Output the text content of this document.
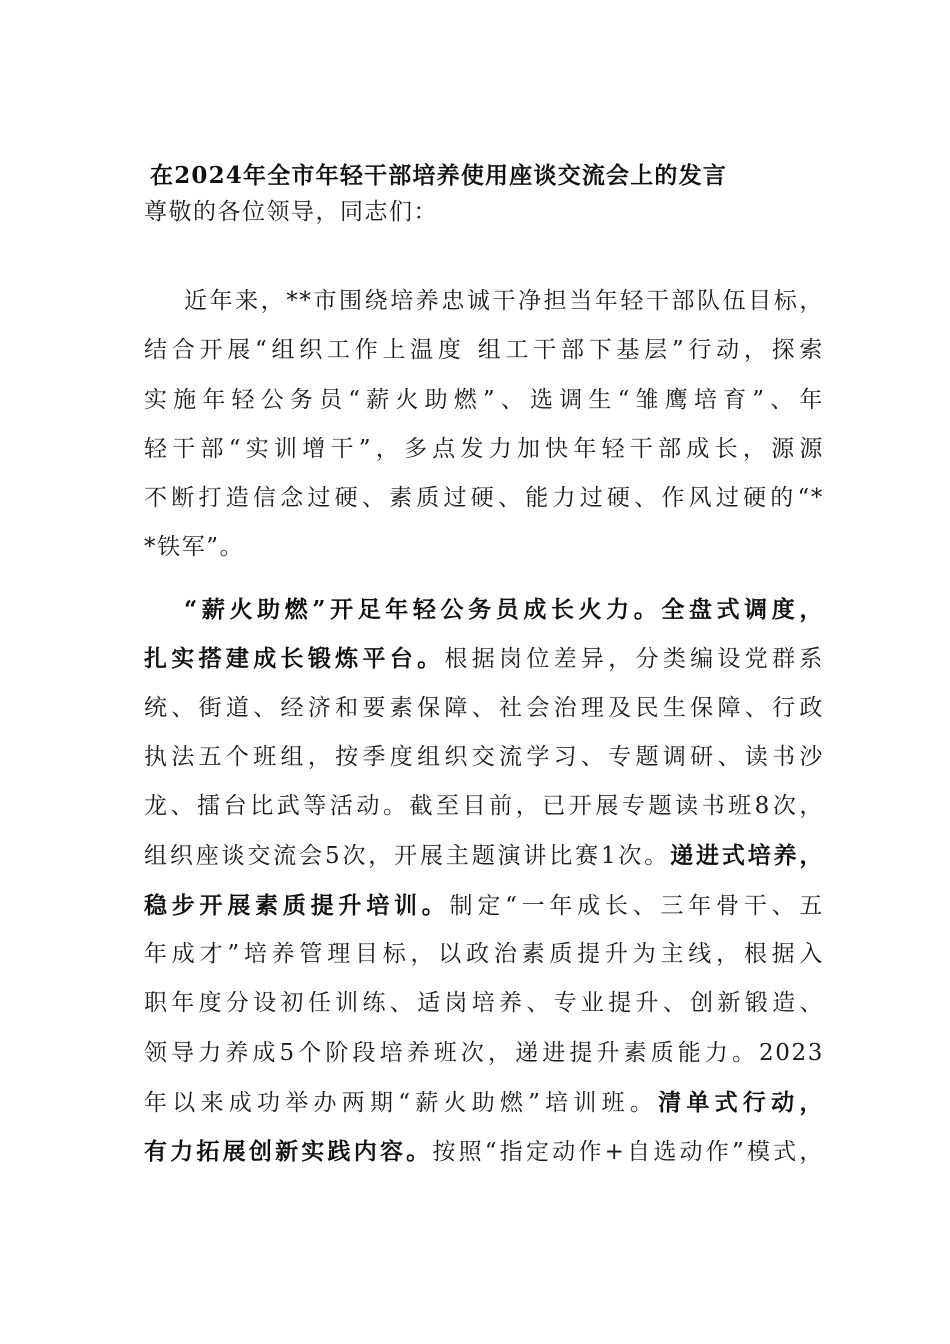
在2024年全市年轻干部培养使用座谈交流会上的发言

尊敬的各位领导，同志们：

近年来，**市围绕培养忠诚干净担当年轻干部队伍目标，
结合开展“组织工作上温度 组工干部下基层”行动，探索
实施年轻公务员“薪火助燃”、选调生“雏鹰培育”、年
轻干部“实训增干”，多点发力加快年轻干部成长，源源
不断打造信念过硬、素质过硬、能力过硬、作风过硬的“*
*铁军”。
“薪火助燃”开足年轻公务员成长火力。全盘式调度，
扎实搭建成长锻炼平台。根据岗位差异，分类编设党群系
统、街道、经济和要素保障、社会治理及民生保障、行政
执法五个班组，按季度组织交流学习、专题调研、读书沙
龙、擂台比武等活动。截至目前，已开展专题读书班8次，
组织座谈交流会5次，开展主题演讲比赛1次。递进式培养，
稳步开展素质提升培训。制定“一年成长、三年骨干、五
年成才”培养管理目标，以政治素质提升为主线，根据入
职年度分设初任训练、适岗培养、专业提升、创新锻造、
领导力养成5个阶段培养班次，递进提升素质能力。2023
年以来成功举办两期“薪火助燃”培训班。清单式行动，
有力拓展创新实践内容。按照“指定动作+自选动作”模式，
